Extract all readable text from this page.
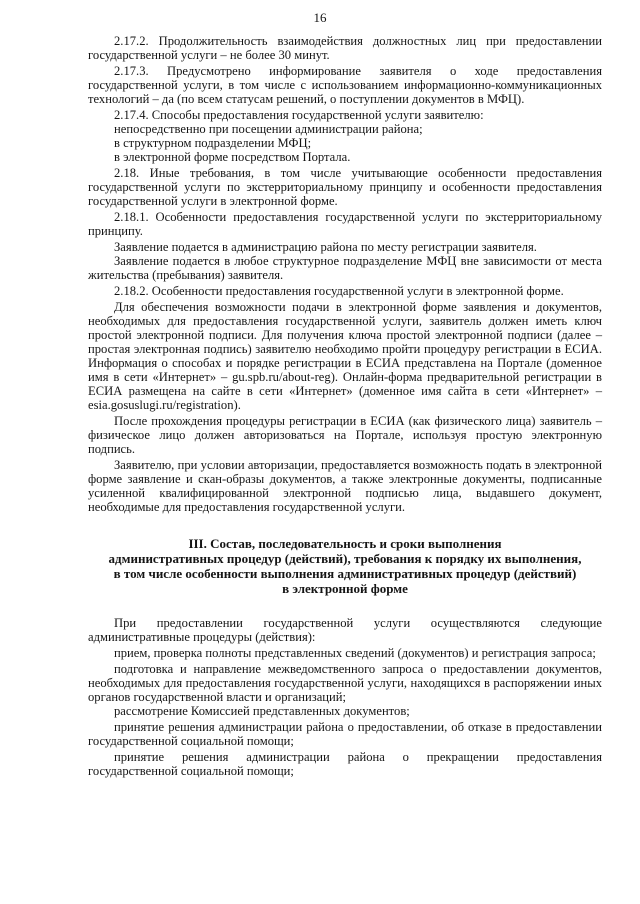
16

2.17.2. Продолжительность взаимодействия должностных лиц при предоставлении государственной услуги – не более 30 минут.

2.17.3. Предусмотрено информирование заявителя о ходе предоставления государственной услуги, в том числе с использованием информационно-коммуникационных технологий – да (по всем статусам решений, о поступлении документов в МФЦ).

2.17.4. Способы предоставления государственной услуги заявителю:

непосредственно при посещении администрации района;

в структурном подразделении МФЦ;

в электронной форме посредством Портала.

2.18. Иные требования, в том числе учитывающие особенности предоставления государственной услуги по экстерриториальному принципу и особенности предоставления государственной услуги в электронной форме.

2.18.1. Особенности предоставления государственной услуги по экстерриториальному принципу.

Заявление подается в администрацию района по месту регистрации заявителя.

Заявление подается в любое структурное подразделение МФЦ вне зависимости от места жительства (пребывания) заявителя.

2.18.2. Особенности предоставления государственной услуги в электронной форме.

Для обеспечения возможности подачи в электронной форме заявления и документов, необходимых для предоставления государственной услуги, заявитель должен иметь ключ простой электронной подписи. Для получения ключа простой электронной подписи (далее – простая электронная подпись) заявителю необходимо пройти процедуру регистрации в ЕСИА. Информация о способах и порядке регистрации в ЕСИА представлена на Портале (доменное имя в сети «Интернет» – gu.spb.ru/about-reg). Онлайн-форма предварительной регистрации в ЕСИА размещена на сайте в сети «Интернет» (доменное имя сайта в сети «Интернет» – esia.gosuslugi.ru/registration).

После прохождения процедуры регистрации в ЕСИА (как физического лица) заявитель – физическое лицо должен авторизоваться на Портале, используя простую электронную подпись.

Заявителю, при условии авторизации, предоставляется возможность подать в электронной форме заявление и скан-образы документов, а также электронные документы, подписанные усиленной квалифицированной электронной подписью лица, выдавшего документ, необходимые для предоставления государственной услуги.

III. Состав, последовательность и сроки выполнения
административных процедур (действий), требования к порядку их выполнения,
в том числе особенности выполнения административных процедур (действий)
в электронной форме

При предоставлении государственной услуги осуществляются следующие административные процедуры (действия):

прием, проверка полноты представленных сведений (документов) и регистрация запроса;

подготовка и направление межведомственного запроса о предоставлении документов, необходимых для предоставления государственной услуги, находящихся в распоряжении иных органов государственной власти и организаций;

рассмотрение Комиссией представленных документов;

принятие решения администрации района о предоставлении, об отказе в предоставлении государственной социальной помощи;

принятие решения администрации района о прекращении предоставления государственной социальной помощи;
